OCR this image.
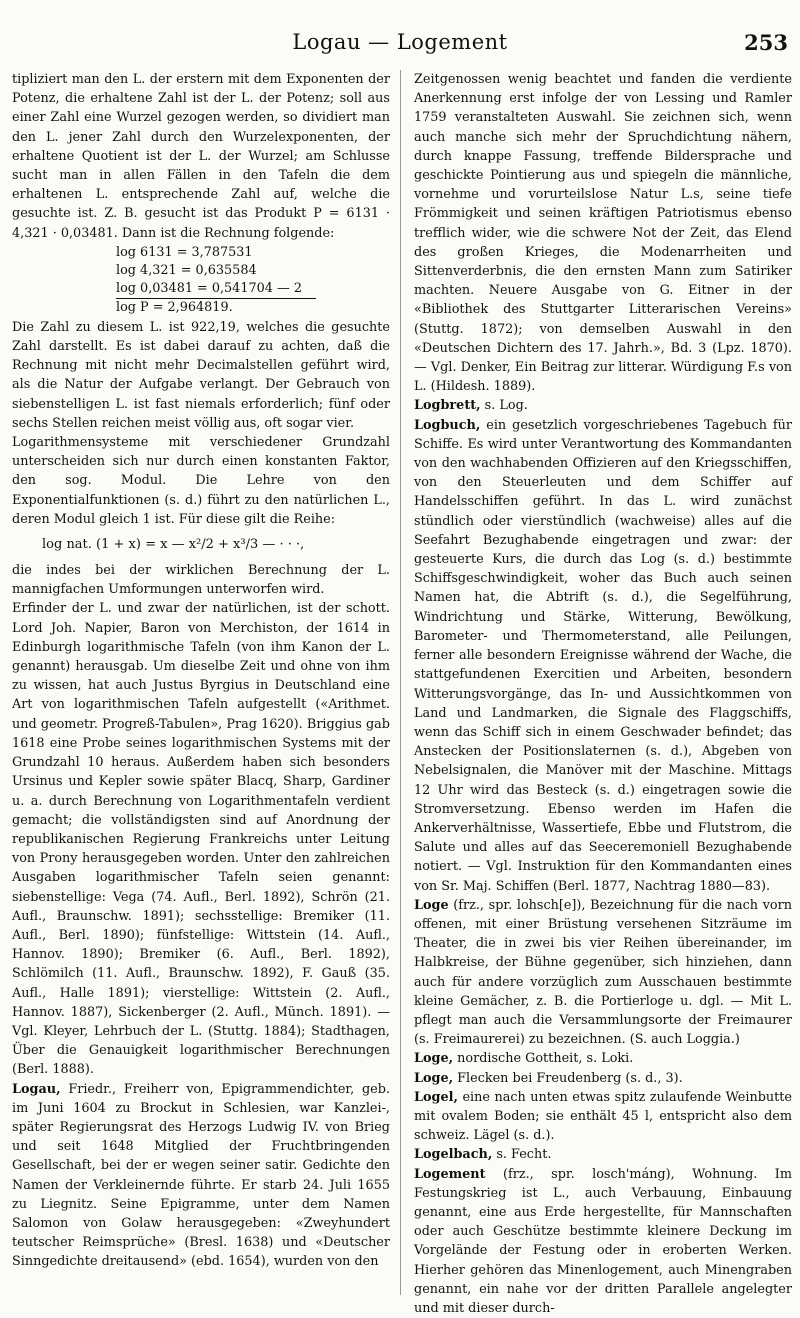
Logau — Logement	253

tipliziert man den L. der erstern mit dem Exponenten der Potenz, die erhaltene Zahl ist der L. der Potenz; soll aus einer Zahl eine Wurzel gezogen werden, so dividiert man den L. jener Zahl durch den Wurzelexponenten, der erhaltene Quotient ist der L. der Wurzel; am Schlusse sucht man in allen Fällen in den Tafeln die dem erhaltenen L. entsprechende Zahl auf, welche die gesuchte ist. Z. B. gesucht ist das Produkt P = 6131 · 4,321 · 0,03481. Dann ist die Rechnung folgende:

log 6131 = 3,787531
log 4,321 = 0,635584
log 0,03481 = 0,541704 — 2
log P = 2,964819.

Die Zahl zu diesem L. ist 922,19, welches die gesuchte Zahl darstellt. Es ist dabei darauf zu achten, daß die Rechnung mit nicht mehr Decimalstellen geführt wird, als die Natur der Aufgabe verlangt. Der Gebrauch von siebenstelligen L. ist fast niemals erforderlich; fünf oder sechs Stellen reichen meist völlig aus, oft sogar vier.

Logarithmensysteme mit verschiedener Grundzahl unterscheiden sich nur durch einen konstanten Faktor, den sog. Modul. Die Lehre von den Exponentialfunktionen (s. d.) führt zu den natürlichen L., deren Modul gleich 1 ist. Für diese gilt die Reihe:

log nat. (1 + x) = x — x²/2 + x³/3 — · · ·,

die indes bei der wirklichen Berechnung der L. mannigfachen Umformungen unterworfen wird.

Erfinder der L. und zwar der natürlichen, ist der schott. Lord Joh. Napier, Baron von Merchiston, der 1614 in Edinburgh logarithmische Tafeln (von ihm Kanon der L. genannt) herausgab. Um dieselbe Zeit und ohne von ihm zu wissen, hat auch Justus Byrgius in Deutschland eine Art von logarithmischen Tafeln aufgestellt («Arithmet. und geometr. Progreß-Tabulen», Prag 1620). Briggius gab 1618 eine Probe seines logarithmischen Systems mit der Grundzahl 10 heraus. Außerdem haben sich besonders Ursinus und Kepler sowie später Blacq, Sharp, Gardiner u. a. durch Berechnung von Logarithmentafeln verdient gemacht; die vollständigsten sind auf Anordnung der republikanischen Regierung Frankreichs unter Leitung von Prony herausgegeben worden. Unter den zahlreichen Ausgaben logarithmischer Tafeln seien genannt: siebenstellige: Vega (74. Aufl., Berl. 1892), Schrön (21. Aufl., Braunschw. 1891); sechsstellige: Bremiker (11. Aufl., Berl. 1890); fünfstellige: Wittstein (14. Aufl., Hannov. 1890); Bremiker (6. Aufl., Berl. 1892), Schlömilch (11. Aufl., Braunschw. 1892), F. Gauß (35. Aufl., Halle 1891); vierstellige: Wittstein (2. Aufl., Hannov. 1887), Sickenberger (2. Aufl., Münch. 1891). — Vgl. Kleyer, Lehrbuch der L. (Stuttg. 1884); Stadthagen, Über die Genauigkeit logarithmischer Berechnungen (Berl. 1888).

Logau, Friedr., Freiherr von, Epigrammendichter, geb. im Juni 1604 zu Brockut in Schlesien, war Kanzlei-, später Regierungsrat des Herzogs Ludwig IV. von Brieg und seit 1648 Mitglied der Fruchtbringenden Gesellschaft, bei der er wegen seiner satir. Gedichte den Namen der Verkleinernde führte. Er starb 24. Juli 1655 zu Liegnitz. Seine Epigramme, unter dem Namen Salomon von Golaw herausgegeben: «Zweyhundert teutscher Reimsprüche» (Bresl. 1638) und «Deutscher Sinngedichte dreitausend» (ebd. 1654), wurden von den

Zeitgenossen wenig beachtet und fanden die verdiente Anerkennung erst infolge der von Lessing und Ramler 1759 veranstalteten Auswahl. Sie zeichnen sich, wenn auch manche sich mehr der Spruchdichtung nähern, durch knappe Fassung, treffende Bildersprache und geschickte Pointierung aus und spiegeln die männliche, vornehme und vorurteilslose Natur L.s, seine tiefe Frömmigkeit und seinen kräftigen Patriotismus ebenso trefflich wider, wie die schwere Not der Zeit, das Elend des großen Krieges, die Modenarrheiten und Sittenverderbnis, die den ernsten Mann zum Satiriker machten. Neuere Ausgabe von G. Eitner in der «Bibliothek des Stuttgarter Litterarischen Vereins» (Stuttg. 1872); von demselben Auswahl in den «Deutschen Dichtern des 17. Jahrh.», Bd. 3 (Lpz. 1870). — Vgl. Denker, Ein Beitrag zur litterar. Würdigung F.s von L. (Hildesh. 1889).

Logbrett, s. Log.

Logbuch, ein gesetzlich vorgeschriebenes Tagebuch für Schiffe. Es wird unter Verantwortung des Kommandanten von den wachhabenden Offizieren auf den Kriegsschiffen, von den Steuerleuten und dem Schiffer auf Handelsschiffen geführt. In das L. wird zunächst stündlich oder vierstündlich (wachweise) alles auf die Seefahrt Bezughabende eingetragen und zwar: der gesteuerte Kurs, die durch das Log (s. d.) bestimmte Schiffsgeschwindigkeit, woher das Buch auch seinen Namen hat, die Abtrift (s. d.), die Segelführung, Windrichtung und Stärke, Witterung, Bewölkung, Barometer- und Thermometerstand, alle Peilungen, ferner alle besondern Ereignisse während der Wache, die stattgefundenen Exercitien und Arbeiten, besondern Witterungsvorgänge, das In- und Aussichtkommen von Land und Landmarken, die Signale des Flaggschiffs, wenn das Schiff sich in einem Geschwader befindet; das Anstecken der Positionslaternen (s. d.), Abgeben von Nebelsignalen, die Manöver mit der Maschine. Mittags 12 Uhr wird das Besteck (s. d.) eingetragen sowie die Stromversetzung. Ebenso werden im Hafen die Ankerverhältnisse, Wassertiefe, Ebbe und Flutstrom, die Salute und alles auf das Seeceremoniell Bezughabende notiert. — Vgl. Instruktion für den Kommandanten eines von Sr. Maj. Schiffen (Berl. 1877, Nachtrag 1880—83).

Loge (frz., spr. lohsch[e]), Bezeichnung für die nach vorn offenen, mit einer Brüstung versehenen Sitzräume im Theater, die in zwei bis vier Reihen übereinander, im Halbkreise, der Bühne gegenüber, sich hinziehen, dann auch für andere vorzüglich zum Ausschauen bestimmte kleine Gemächer, z. B. die Portierloge u. dgl. — Mit L. pflegt man auch die Versammlungsorte der Freimaurer (s. Freimaurerei) zu bezeichnen. (S. auch Loggia.)

Loge, nordische Gottheit, s. Loki.

Loge, Flecken bei Freudenberg (s. d., 3).

Logel, eine nach unten etwas spitz zulaufende Weinbutte mit ovalem Boden; sie enthält 45 l, entspricht also dem schweiz. Lägel (s. d.).

Logelbach, s. Fecht.

Logement (frz., spr. losch'máng), Wohnung. Im Festungskrieg ist L., auch Verbauung, Einbauung genannt, eine aus Erde hergestellte, für Mannschaften oder auch Geschütze bestimmte kleinere Deckung im Vorgelände der Festung oder in eroberten Werken. Hierher gehören das Minenlogement, auch Minengraben genannt, ein nahe vor der dritten Parallele angelegter und mit dieser durch-
